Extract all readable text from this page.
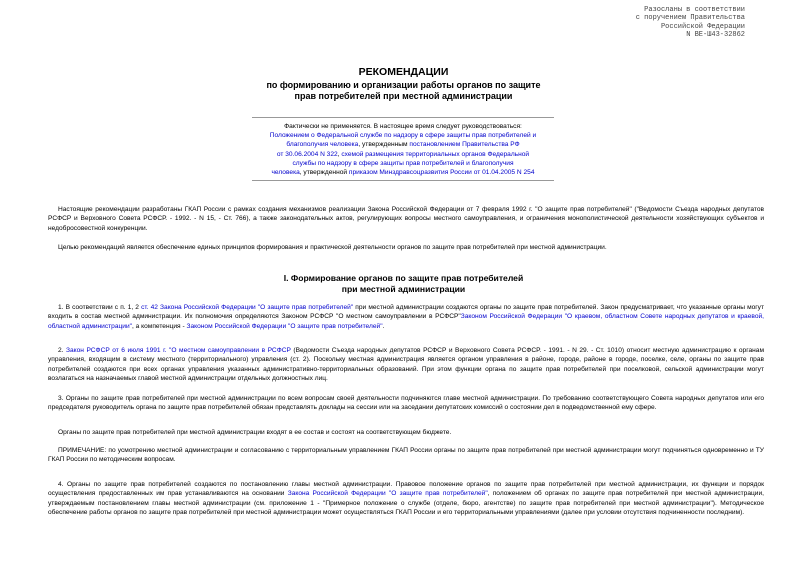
Разосланы в соответствии
с поручением Правительства
Российской Федерации
N ВЕ-Ш43-32862
РЕКОМЕНДАЦИИ
по формированию и организации работы органов по защите
прав потребителей при местной администрации
Фактически не применяется. В настоящее время следует руководствоваться:
Положением о Федеральной службе по надзору в сфере защиты прав потребителей и
благополучия человека, утвержденным постановлением Правительства РФ
от 30.06.2004 N 322, схемой размещения территориальных органов Федеральной
службы по надзору в сфере защиты прав потребителей и благополучия
человека, утвержденной приказом Минздравсоцразвития России от 01.04.2005 N 254
Настоящие рекомендации разработаны ГКАП России с рамках создания механизмов реализации Закона Российской Федерации от 7 февраля 1992 г. "О защите прав потребителей" ("Ведомости Съезда народных депутатов РСФСР и Верховного Совета РСФСР. - 1992. - N 15, - Ст. 766), а также законодательных актов, регулирующих вопросы местного самоуправления, и ограничения монополистической деятельности хозяйствующих субъектов и недобросовестной конкуренции.
Целью рекомендаций является обеспечение единых принципов формирования и практической деятельности органов по защите прав потребителей при местной администрации.
I. Формирование органов по защите прав потребителей
при местной администрации
1. В соответствии с п. 1, 2 ст. 42 Закона Российской Федерации "О защите прав потребителей" при местной администрации создаются органы по защите прав потребителей. Закон предусматривает, что указанные органы могут входить в состав местной администрации. Их полномочия определяются Законом РСФСР "О местном самоуправлении в РСФСР"Законом Российской Федерации "О краевом, областном Совете народных депутатов и краевой, областной администрации", а компетенция - Законом Российской Федерации "О защите прав потребителей".
2. Закон РСФСР от 6 июля 1991 г. "О местном самоуправлении в РСФСР (Ведомости Съезда народных депутатов РСФСР и Верховного Совета РСФСР. - 1991. - N 29. - Ст. 1010) относит местную администрацию к органам управления, входящим в систему местного (территориального) управления (ст. 2). Поскольку местная администрация является органом управления в районе, городе, районе в городе, поселке, селе, органы по защите прав потребителей создаются при всех органах управления указанных административно-территориальных образований. При этом функции органа по защите прав потребителей при поселковой, сельской администрации могут возлагаться на назначаемых главой местной администрации отдельных должностных лиц.
3. Органы по защите прав потребителей при местной администрации по всем вопросам своей деятельности подчиняются главе местной администрации. По требованию соответствующего Совета народных депутатов или его председателя руководитель органа по защите прав потребителей обязан представлять доклады на сессии или на заседании депутатских комиссий о состоянии дел в подведомственной ему сфере.
Органы по защите прав потребителей при местной администрации входят в ее состав и состоят на соответствующем бюджете.
ПРИМЕЧАНИЕ: по усмотрению местной администрации и согласованию с территориальным управлением ГКАП России органы по защите прав потребителей при местной администрации могут подчиняться одновременно и ТУ ГКАП России по методическим вопросам.
4. Органы по защите прав потребителей создаются по постановлению главы местной администрации. Правовое положение органов по защите прав потребителей при местной администрации, их функции и порядок осуществления предоставленных им прав устанавливаются на основании Закона Российской Федерации "О защите прав потребителей", положением об органах по защите прав потребителей при местной администрации, утверждаемым постановлением главы местной администрации (см. приложение 1 - "Примерное положение о службе (отделе, бюро, агентстве) по защите прав потребителей при местной администрации"). Методическое обеспечение работы органов по защите прав потребителей при местной администрации может осуществляться ГКАП России и его территориальными управлениями (далее при условии отсутствия подчиненности последним).
